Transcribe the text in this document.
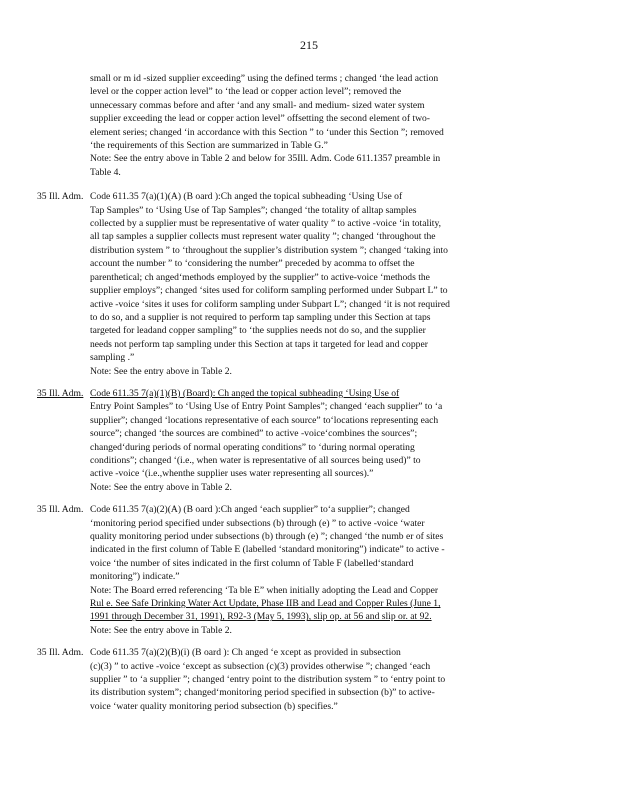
215
small or m id -sized supplier exceeding” using the defined terms ; changed ‘the lead action
level or the copper action level” to ‘the lead or copper action level”; removed the
unnecessary commas before and after ‘and any small- and medium- sized water system
supplier exceeding the lead or copper action level” offsetting the second element of two-
element series; changed ‘in accordance with this Section ” to ‘under this Section ”; removed
‘the requirements of this Section are summarized in Table G.”
Note: See the entry above in Table 2 and below for 35Ill. Adm. Code 611.1357 preamble in
Table 4.
35 Ill. Adm. Code 611.35 7(a)(1)(A) (B oard ):Ch anged the topical subheading ‘Using Use of
Tap Samples” to ‘Using Use of Tap Samples”; changed ‘the totality of alltap samples
collected by a supplier must be representative of water quality ” to active -voice ‘in totality,
all tap samples a supplier collects must represent water quality ”; changed ‘throughout the
distribution system ” to ‘throughout the supplier’s distribution system ”; changed ‘taking into
account the number ” to ‘considering the number” preceded by acomma to offset the
parenthetical; ch anged‘methods employed by the supplier” to active-voice ‘methods the
supplier employs”; changed ‘sites used for coliform sampling performed under Subpart L” to
active -voice ‘sites it uses for coliform sampling under Subpart L”; changed ‘it is not required
to do so, and a supplier is not required to perform tap sampling under this Section at taps
targeted for leadand copper sampling” to ‘the supplies needs not do so, and the supplier
needs not perform tap sampling under this Section at taps it targeted for lead and copper
sampling .”
Note: See the entry above in Table 2.
35 Ill. Adm. Code 611.35 7(a)(1)(B) (Board): Ch anged the topical subheading ‘Using Use of
Entry Point Samples” to ‘Using Use of Entry Point Samples”; changed ‘each supplier” to ‘a
supplier”; changed ‘locations representative of each source” to‘locations representing each
source”; changed ‘the sources are combined” to active -voice‘combines the sources”;
changed‘during periods of normal operating conditions” to ‘during normal operating
conditions”; changed ‘(i.e., when water is representative of all sources being used)” to
active -voice ‘(i.e.,whenthe supplier uses water representing all sources).”
Note: See the entry above in Table 2.
35 Ill. Adm. Code 611.35 7(a)(2)(A) (B oard ):Ch anged ‘each supplier” to‘a supplier”; changed
‘monitoring period specified under subsections (b) through (e) ” to active -voice ‘water
quality monitoring period under subsections (b) through (e) ”; changed ‘the numb er of sites
indicated in the first column of Table E (labelled ‘standard monitoring”) indicate” to active -
voice ‘the number of sites indicated in the first column of Table F (labelled‘standard
monitoring”) indicate.”
Note: The Board erred referencing ‘Ta ble E” when initially adopting the Lead and Copper
Rul e. See Safe Drinking Water Act Update, Phase IIB and Lead and Copper Rules (June 1,
1991 through December 31, 1991), R92-3 (May 5, 1993), slip op. at 56 and slip or. at 92.
Note: See the entry above in Table 2.
35 Ill. Adm. Code 611.35 7(a)(2)(B)(i) (B oard ): Ch anged ‘e xcept as provided in subsection
(c)(3) ” to active -voice ‘except as subsection (c)(3) provides otherwise ”; changed ‘each
supplier ” to ‘a supplier ”; changed ‘entry point to the distribution system ” to ‘entry point to
its distribution system”; changed‘monitoring period specified in subsection (b)” to active-
voice ‘water quality monitoring period subsection (b) specifies.”
